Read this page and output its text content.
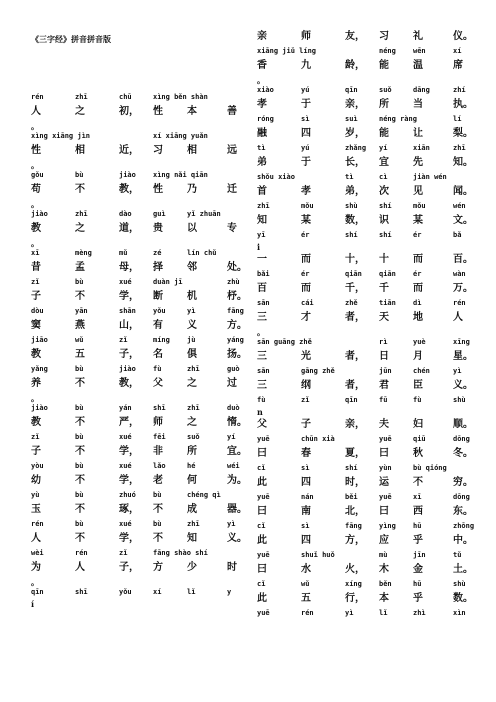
《三字经》拼音拼音版
rén	zhī	chū	xìng běn shàn
人	之	初， 性 本	善
。
xìng xiāng jìn	xí xiāng yuǎn
性	相	近， 习 相	远
。
gǒu	bù	jiào xìng nǎi qiān
苟	不	教， 性 乃	迁
。
jiào	zhī	dào	guì	yǐ zhuān
教	之	道， 贵 以	专
。
xī	mèng	mǔ	zé	lín chǔ
昔	孟	母， 择 邻	处。
zǐ	bù	xué	duàn jī	zhù
子	不	学， 断 机	杼。
dòu	yān	shān yǒu	yì	fāng
窦	燕	山， 有 义	方。
jiāo	wǔ	zǐ	míng jù	yáng
教	五	子， 名 俱	扬。
yǎng	bù	jiào fù	zhī	guò
养	不	教， 父 之	过
。
jiào	bù	yán	shī	zhī	duò
教	不	严， 师 之	惰。
zǐ	bù	xué	fēi	suǒ	yí
子	不	学， 非 所	宜。
yòu	bù	xué	lǎo	hé	wéi
幼	不	学， 老 何	为。
yù	bù	zhuó bù	chéng qì
玉	不	琢， 不 成	器。
rén	bù	xué	bù	zhī	yì
人	不	学， 不 知	义。
wèi	rén	zǐ	fāng shào shí
为	人	子， 方 少	时
。
qīn	shī	yǒu	xí	lǐ	y
í
亲	师	友， 习 礼	仪。
xiāng jiǔ líng	néng wēn	xí
香	九	龄， 能 温	席
。
xiào	yú	qīn	suǒ	dāng	zhí
孝	于	亲， 所 当	执。
róng	sì	suì	néng ràng	lí
融	四	岁， 能 让	梨。
tì	yú	zhǎng yí	xiān	zhī
弟	于	长， 宜 先	知。
shǒu xiào	tì	cì	jiàn wén
首	孝	弟， 次 见	闻。
zhī	mǒu	shù	shí	mǒu	wén
知	某	数， 识 某	文。
yī	ér	shí	shí	ér	bǎ
i
一	而	十， 十 而	百。
bǎi	ér	qiān qiān ér	wàn
百	而	千， 千 而	万。
sān	cái	zhě	tiān dì	rén
三	才	者， 天 地	人
。
sān guāng zhě	rì	yuè	xīng
三	光	者， 日 月	星。
sān	gāng zhě	jūn	chén	yì
三	纲	者， 君 臣	义。
fù	zǐ	qīn	fū	fù	shù
n
父	子	亲， 夫 妇	顺。
yuē	chūn xià	yuē	qiū	dōng
曰	春	夏， 曰 秋	冬。
cǐ	sì	shí	yùn	bù qióng
此	四	时， 运 不	穷。
yuē	nán	běi	yuē	xī	dōng
曰	南	北， 曰 西	东。
cǐ	sì	fāng yìng hū	zhōng
此	四	方， 应 乎	中。
yuē	shuǐ huǒ	mù	jīn	tǔ
曰	水	火， 木 金	土。
cǐ	wǔ	xíng běn	hū	shù
此	五	行， 本 乎	数。
yuē	rén	yì	lǐ	zhì	xìn
